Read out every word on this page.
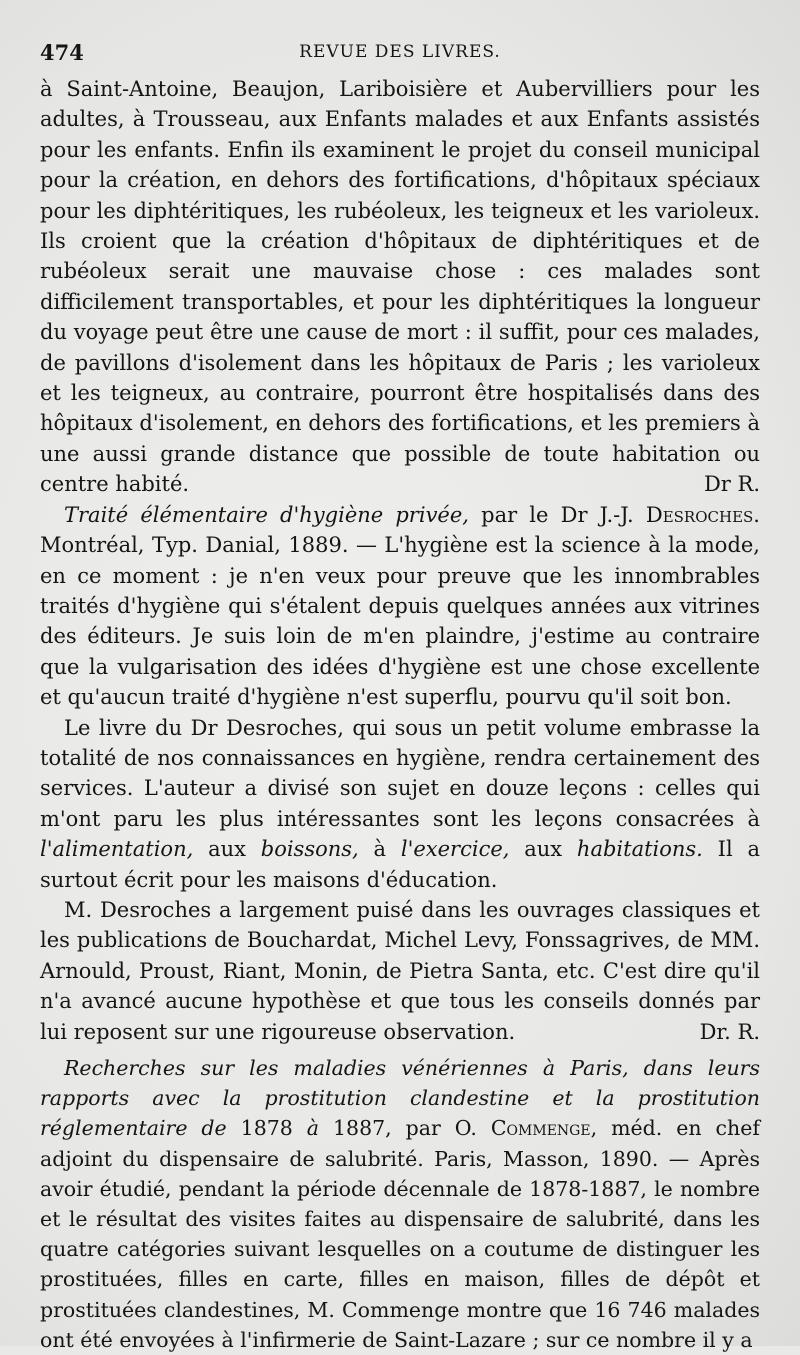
474	REVUE DES LIVRES.

à Saint-Antoine, Beaujon, Lariboisière et Aubervilliers pour les adultes, à Trousseau, aux Enfants malades et aux Enfants assistés pour les enfants. Enfin ils examinent le projet du conseil municipal pour la création, en dehors des fortifications, d'hôpitaux spéciaux pour les diphtéritiques, les rubéoleux, les teigneux et les varioleux. Ils croient que la création d'hôpitaux de diphtéritiques et de rubéoleux serait une mauvaise chose : ces malades sont difficilement transportables, et pour les diphtéritiques la longueur du voyage peut être une cause de mort : il suffit, pour ces malades, de pavillons d'isolement dans les hôpitaux de Paris ; les varioleux et les teigneux, au contraire, pourront être hospitalisés dans des hôpitaux d'isolement, en dehors des fortifications, et les premiers à une aussi grande distance que possible de toute habitation ou centre habité.	Dr R.

Traité élémentaire d'hygiène privée, par le Dr J.-J. Desroches. Montréal, Typ. Danial, 1889. — L'hygiène est la science à la mode, en ce moment : je n'en veux pour preuve que les innombrables traités d'hygiène qui s'étalent depuis quelques années aux vitrines des éditeurs. Je suis loin de m'en plaindre, j'estime au contraire que la vulgarisation des idées d'hygiène est une chose excellente et qu'aucun traité d'hygiène n'est superflu, pourvu qu'il soit bon.

Le livre du Dr Desroches, qui sous un petit volume embrasse la totalité de nos connaissances en hygiène, rendra certainement des services. L'auteur a divisé son sujet en douze leçons : celles qui m'ont paru les plus intéressantes sont les leçons consacrées à l'alimentation, aux boissons, à l'exercice, aux habitations. Il a surtout écrit pour les maisons d'éducation.

M. Desroches a largement puisé dans les ouvrages classiques et les publications de Bouchardat, Michel Levy, Fonssagrives, de MM. Arnould, Proust, Riant, Monin, de Pietra Santa, etc. C'est dire qu'il n'a avancé aucune hypothèse et que tous les conseils donnés par lui reposent sur une rigoureuse observation.	Dr. R.

Recherches sur les maladies vénériennes à Paris, dans leurs rapports avec la prostitution clandestine et la prostitution réglementaire de 1878 à 1887, par O. Commenge, méd. en chef adjoint du dispensaire de salubrité. Paris, Masson, 1890. — Après avoir étudié, pendant la période décennale de 1878-1887, le nombre et le résultat des visites faites au dispensaire de salubrité, dans les quatre catégories suivant lesquelles on a coutume de distinguer les prostituées, filles en carte, filles en maison, filles de dépôt et prostituées clandestines, M. Commenge montre que 16 746 malades ont été envoyées à l'infirmerie de Saint-Lazare ; sur ce nombre il y a
